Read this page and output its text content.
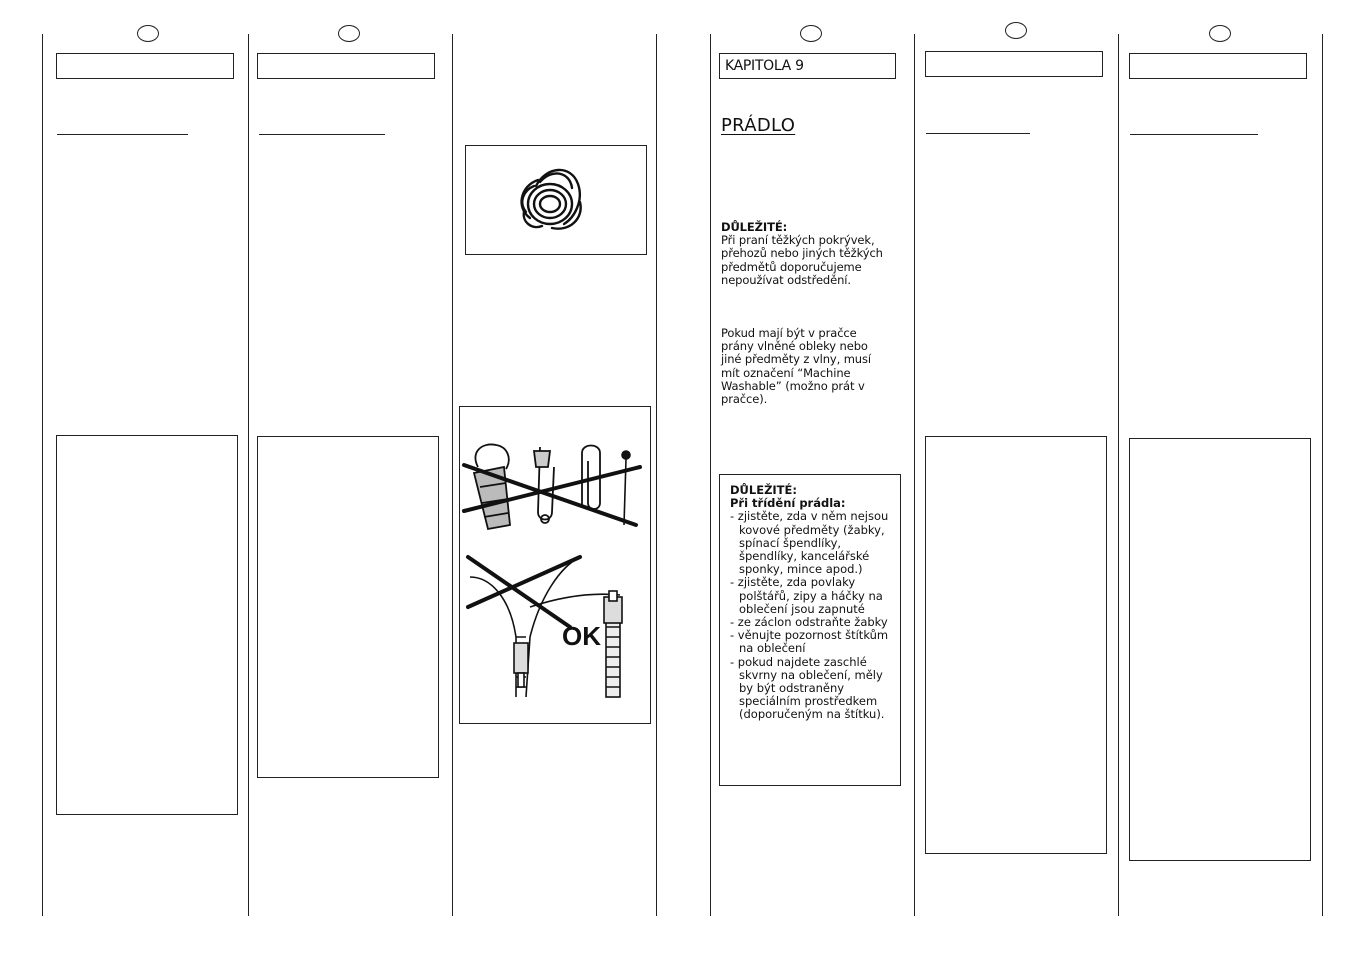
OK
KAPITOLA 9
PRÁDLO
DŮLEŽITÉ:
Při praní těžkých pokrývek, přehozů nebo jiných těžkých předmětů doporučujeme nepoužívat odstředění.
Pokud mají být v pračce prány vlněné obleky nebo jiné předměty z vlny, musí mít označení “Machine Washable” (možno prát v pračce).
DŮLEŽITÉ:
Při třídění prádla:
- zjistěte, zda v něm nejsou kovové předměty (žabky, spínací špendlíky, špendlíky, kancelářské sponky, mince apod.)
- zjistěte, zda povlaky polštářů, zipy a háčky na oblečení jsou zapnuté
- ze záclon odstraňte žabky
- věnujte pozornost štítkům na oblečení
- pokud najdete zaschlé skvrny na oblečení, měly by být odstraněny speciálním prostředkem (doporučeným na štítku).
